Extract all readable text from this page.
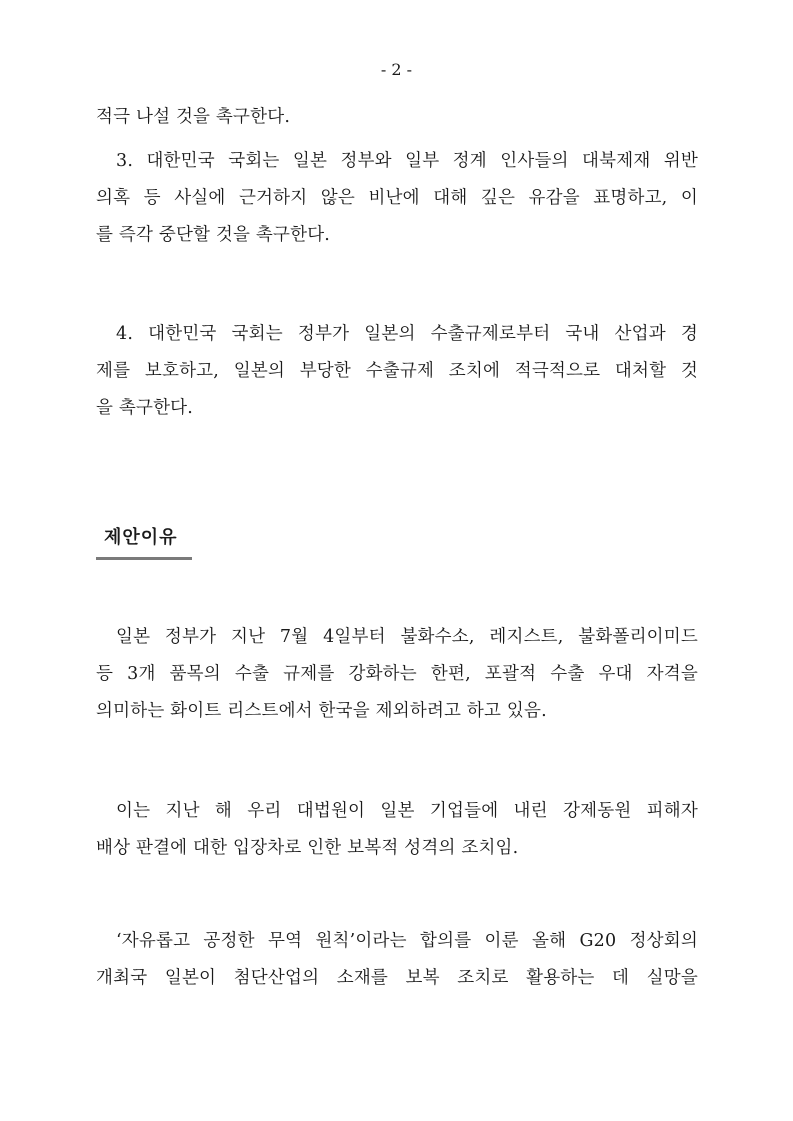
- 2 -
적극 나설 것을 촉구한다.
3. 대한민국 국회는 일본 정부와 일부 정계 인사들의 대북제재 위반
의혹 등 사실에 근거하지 않은 비난에 대해 깊은 유감을 표명하고, 이
를 즉각 중단할 것을 촉구한다.
4. 대한민국 국회는 정부가 일본의 수출규제로부터 국내 산업과 경
제를 보호하고, 일본의 부당한 수출규제 조치에 적극적으로 대처할 것
을 촉구한다.
제안이유
일본 정부가 지난 7월 4일부터 불화수소, 레지스트, 불화폴리이미드
등 3개 품목의 수출 규제를 강화하는 한편, 포괄적 수출 우대 자격을
의미하는 화이트 리스트에서 한국을 제외하려고 하고 있음.
이는 지난 해 우리 대법원이 일본 기업들에 내린 강제동원 피해자
배상 판결에 대한 입장차로 인한 보복적 성격의 조치임.
‘자유롭고 공정한 무역 원칙’이라는 합의를 이룬 올해 G20 정상회의
개최국 일본이 첨단산업의 소재를 보복 조치로 활용하는 데 실망을
